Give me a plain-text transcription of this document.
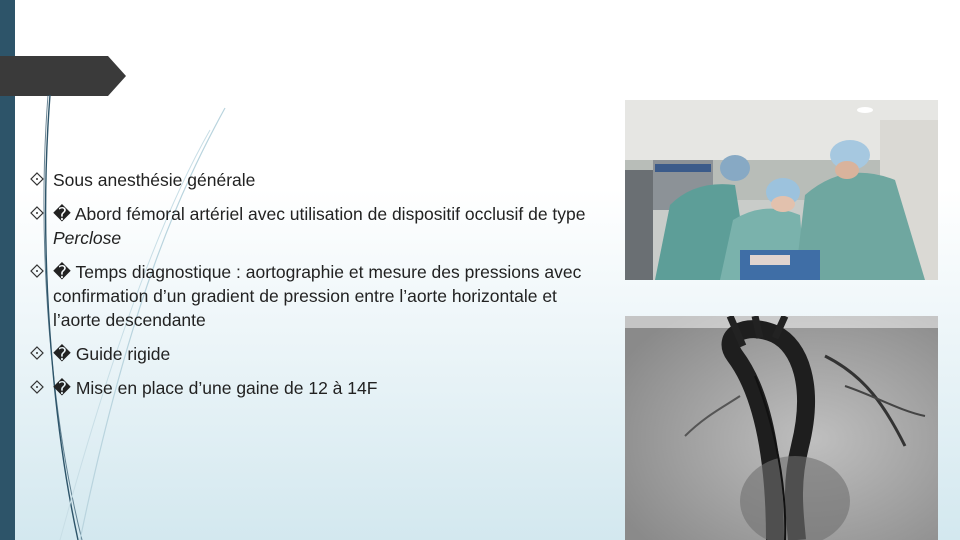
Sous anesthésie générale
� Abord fémoral artériel avec utilisation de dispositif occlusif de type Perclose
� Temps diagnostique : aortographie et mesure des pressions avec confirmation d’un gradient de pression entre l’aorte horizontale et l’aorte descendante
� Guide rigide
� Mise en place d’une gaine de 12 à 14F
